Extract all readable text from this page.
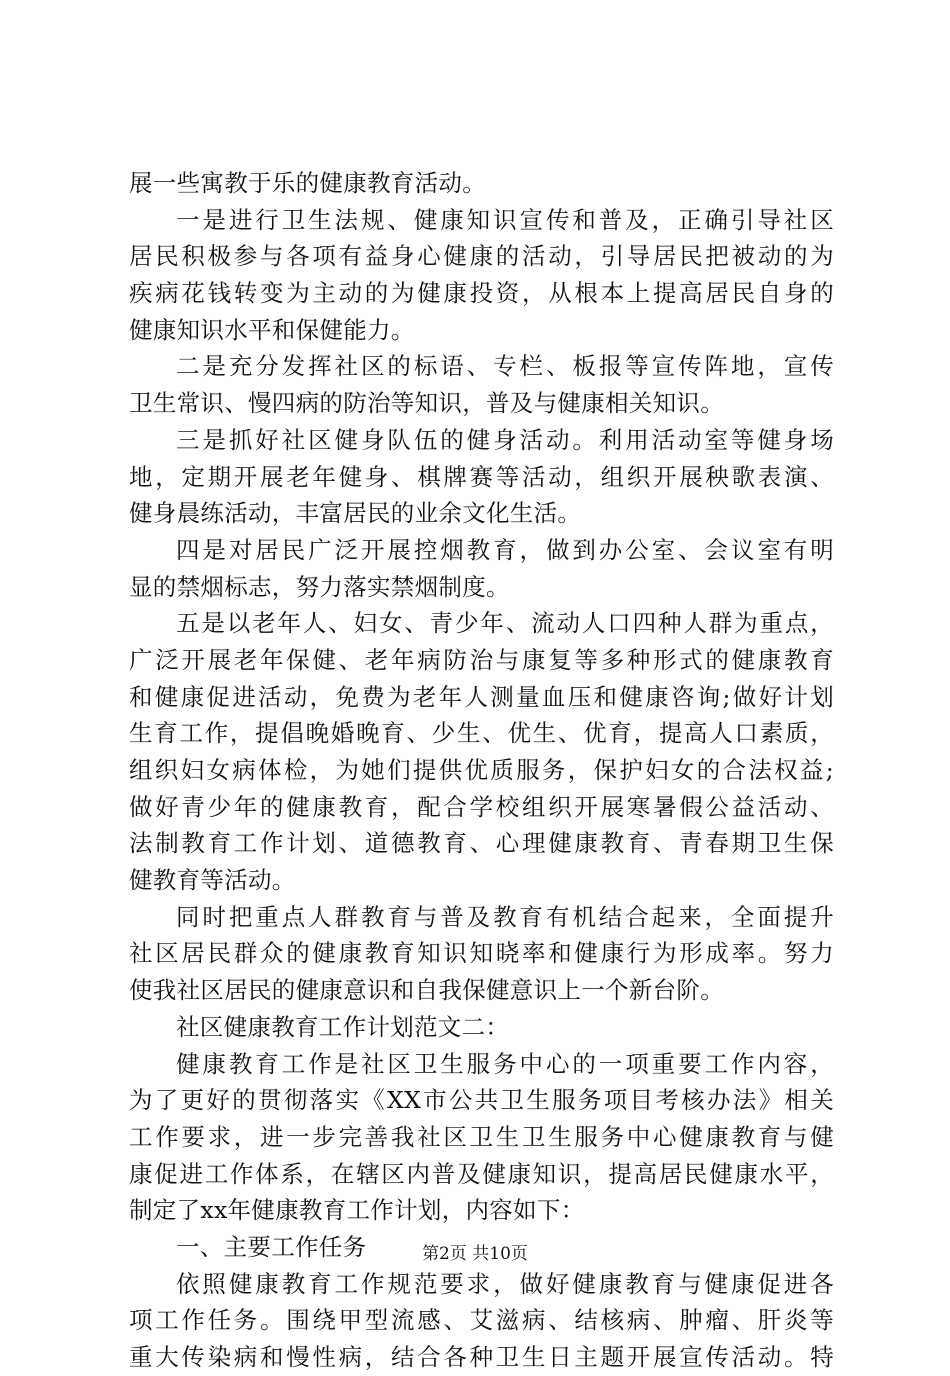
展一些寓教于乐的健康教育活动。
一是进行卫生法规、健康知识宣传和普及，正确引导社区
居民积极参与各项有益身心健康的活动，引导居民把被动的为
疾病花钱转变为主动的为健康投资，从根本上提高居民自身的
健康知识水平和保健能力。
二是充分发挥社区的标语、专栏、板报等宣传阵地，宣传
卫生常识、慢四病的防治等知识，普及与健康相关知识。
三是抓好社区健身队伍的健身活动。利用活动室等健身场
地，定期开展老年健身、棋牌赛等活动，组织开展秧歌表演、
健身晨练活动，丰富居民的业余文化生活。
四是对居民广泛开展控烟教育，做到办公室、会议室有明
显的禁烟标志，努力落实禁烟制度。
五是以老年人、妇女、青少年、流动人口四种人群为重点，
广泛开展老年保健、老年病防治与康复等多种形式的健康教育
和健康促进活动，免费为老年人测量血压和健康咨询;做好计划
生育工作，提倡晚婚晚育、少生、优生、优育，提高人口素质，
组织妇女病体检，为她们提供优质服务，保护妇女的合法权益;
做好青少年的健康教育，配合学校组织开展寒暑假公益活动、
法制教育工作计划、道德教育、心理健康教育、青春期卫生保
健教育等活动。
同时把重点人群教育与普及教育有机结合起来，全面提升
社区居民群众的健康教育知识知晓率和健康行为形成率。努力
使我社区居民的健康意识和自我保健意识上一个新台阶。
社区健康教育工作计划范文二：
健康教育工作是社区卫生服务中心的一项重要工作内容，
为了更好的贯彻落实《XX市公共卫生服务项目考核办法》相关
工作要求，进一步完善我社区卫生卫生服务中心健康教育与健
康促进工作体系，在辖区内普及健康知识，提高居民健康水平，
制定了xx年健康教育工作计划，内容如下：
一、主要工作任务
依照健康教育工作规范要求，做好健康教育与健康促进各
项工作任务。围绕甲型流感、艾滋病、结核病、肿瘤、肝炎等
重大传染病和慢性病，结合各种卫生日主题开展宣传活动。特
第2页 共10页
